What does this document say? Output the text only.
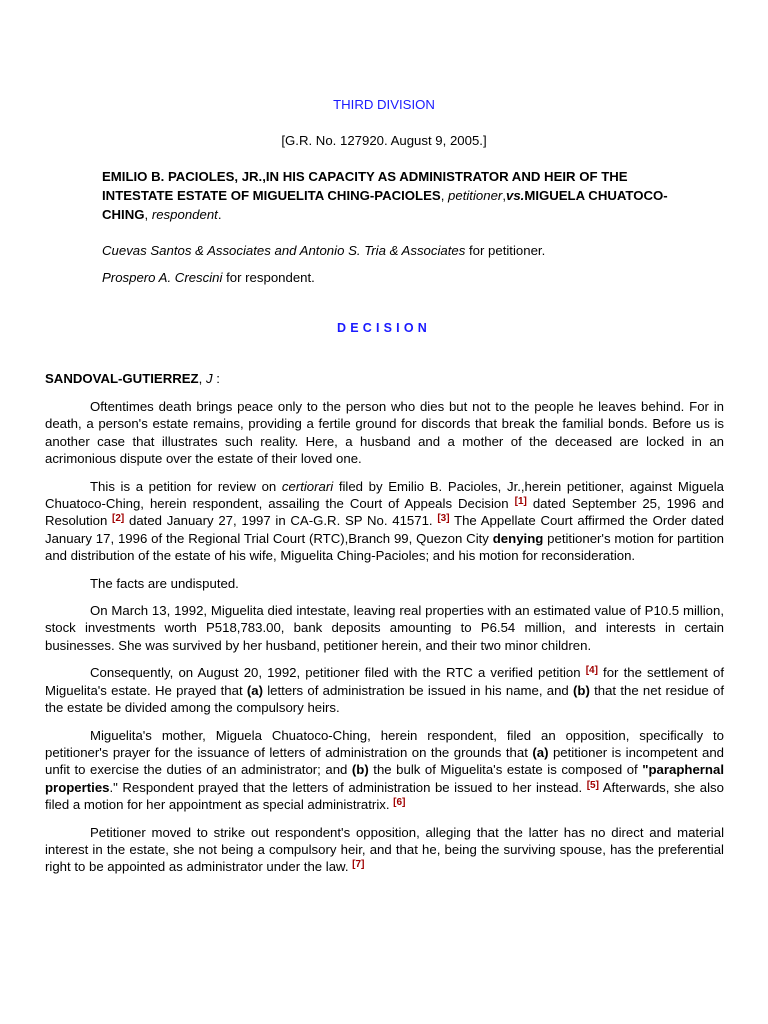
THIRD DIVISION
[G.R. No. 127920. August 9, 2005.]
EMILIO B. PACIOLES, JR.,IN HIS CAPACITY AS ADMINISTRATOR AND HEIR OF THE INTESTATE ESTATE OF MIGUELITA CHING-PACIOLES, petitioner,vs.MIGUELA CHUATOCO-CHING, respondent.
Cuevas Santos & Associates and Antonio S. Tria & Associates for petitioner.
Prospero A. Crescini for respondent.
DECISION
SANDOVAL-GUTIERREZ, J :

Oftentimes death brings peace only to the person who dies but not to the people he leaves behind. For in death, a person's estate remains, providing a fertile ground for discords that break the familial bonds. Before us is another case that illustrates such reality. Here, a husband and a mother of the deceased are locked in an acrimonious dispute over the estate of their loved one.

This is a petition for review on certiorari filed by Emilio B. Pacioles, Jr.,herein petitioner, against Miguela Chuatoco-Ching, herein respondent, assailing the Court of Appeals Decision [1] dated September 25, 1996 and Resolution [2] dated January 27, 1997 in CA-G.R. SP No. 41571. [3] The Appellate Court affirmed the Order dated January 17, 1996 of the Regional Trial Court (RTC),Branch 99, Quezon City denying petitioner's motion for partition and distribution of the estate of his wife, Miguelita Ching-Pacioles; and his motion for reconsideration.

The facts are undisputed.

On March 13, 1992, Miguelita died intestate, leaving real properties with an estimated value of P10.5 million, stock investments worth P518,783.00, bank deposits amounting to P6.54 million, and interests in certain businesses. She was survived by her husband, petitioner herein, and their two minor children.

Consequently, on August 20, 1992, petitioner filed with the RTC a verified petition [4] for the settlement of Miguelita's estate. He prayed that (a) letters of administration be issued in his name, and (b) that the net residue of the estate be divided among the compulsory heirs.

Miguelita's mother, Miguela Chuatoco-Ching, herein respondent, filed an opposition, specifically to petitioner's prayer for the issuance of letters of administration on the grounds that (a) petitioner is incompetent and unfit to exercise the duties of an administrator; and (b) the bulk of Miguelita's estate is composed of "paraphernal properties." Respondent prayed that the letters of administration be issued to her instead. [5] Afterwards, she also filed a motion for her appointment as special administratrix. [6]

Petitioner moved to strike out respondent's opposition, alleging that the latter has no direct and material interest in the estate, she not being a compulsory heir, and that he, being the surviving spouse, has the preferential right to be appointed as administrator under the law. [7]
